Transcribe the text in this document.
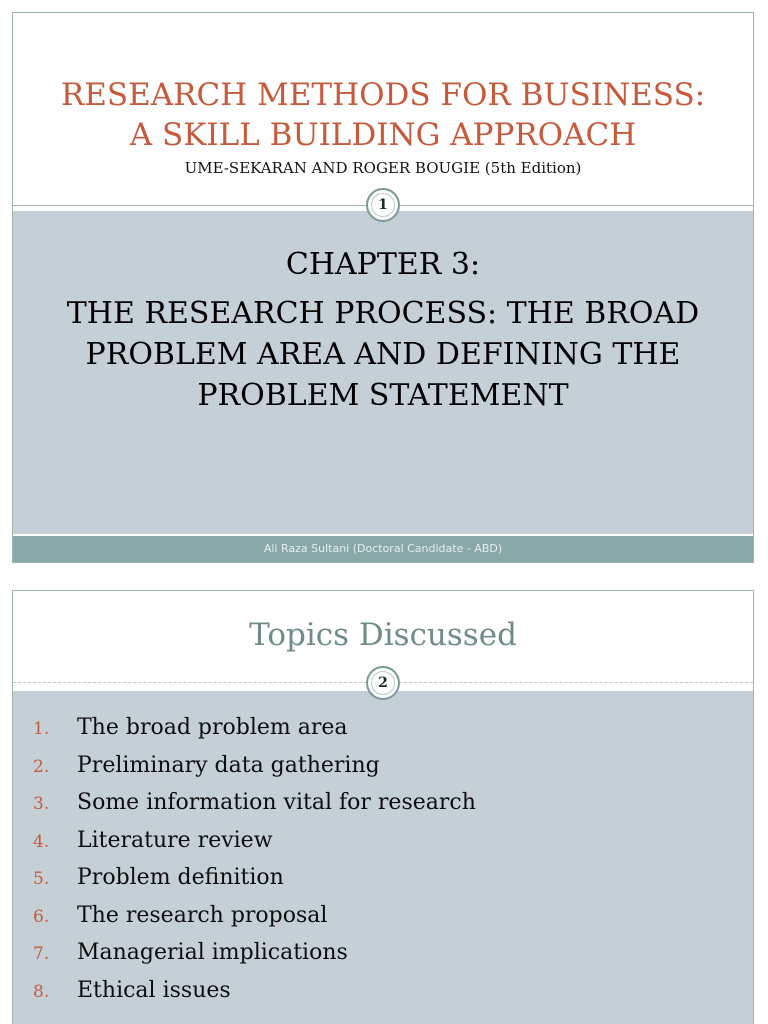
RESEARCH METHODS FOR BUSINESS:
A SKILL BUILDING APPROACH
UME-SEKARAN AND ROGER BOUGIE (5th Edition)
1
CHAPTER 3:
THE RESEARCH PROCESS: THE BROAD
PROBLEM AREA AND DEFINING THE
PROBLEM STATEMENT
Ali Raza Sultani (Doctoral Candidate - ABD)
Topics Discussed
2
1. The broad problem area
2. Preliminary data gathering
3. Some information vital for research
4. Literature review
5. Problem definition
6. The research proposal
7. Managerial implications
8. Ethical issues
